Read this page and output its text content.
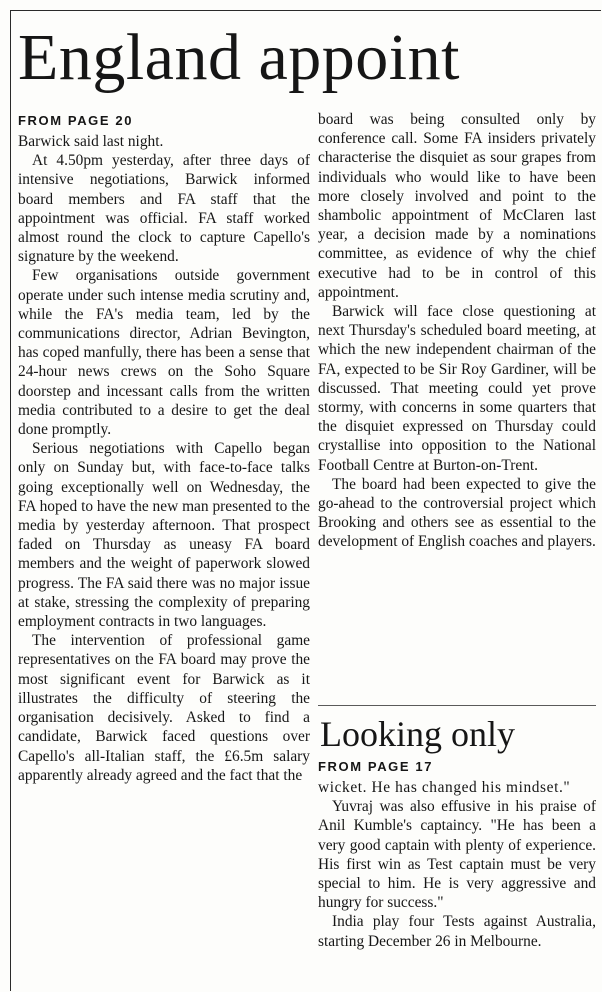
England appoint
FROM PAGE 20

Barwick said last night.

At 4.50pm yesterday, after three days of intensive negotiations, Barwick informed board members and FA staff that the appointment was official. FA staff worked almost round the clock to capture Capello's signature by the weekend.

Few organisations outside government operate under such intense media scrutiny and, while the FA's media team, led by the communications director, Adrian Bevington, has coped manfully, there has been a sense that 24-hour news crews on the Soho Square doorstep and incessant calls from the written media contributed to a desire to get the deal done promptly.

Serious negotiations with Capello began only on Sunday but, with face-to-face talks going exceptionally well on Wednesday, the FA hoped to have the new man presented to the media by yesterday afternoon. That prospect faded on Thursday as uneasy FA board members and the weight of paperwork slowed progress. The FA said there was no major issue at stake, stressing the complexity of preparing employment contracts in two languages.

The intervention of professional game representatives on the FA board may prove the most significant event for Barwick as it illustrates the difficulty of steering the organisation decisively. Asked to find a candidate, Barwick faced questions over Capello's all-Italian staff, the £6.5m salary apparently already agreed and the fact that the

board was being consulted only by conference call. Some FA insiders privately characterise the disquiet as sour grapes from individuals who would like to have been more closely involved and point to the shambolic appointment of McClaren last year, a decision made by a nominations committee, as evidence of why the chief executive had to be in control of this appointment.

Barwick will face close questioning at next Thursday's scheduled board meeting, at which the new independent chairman of the FA, expected to be Sir Roy Gardiner, will be discussed. That meeting could yet prove stormy, with concerns in some quarters that the disquiet expressed on Thursday could crystallise into opposition to the National Football Centre at Burton-on-Trent.

The board had been expected to give the go-ahead to the controversial project which Brooking and others see as essential to the development of English coaches and players.

Looking only
FROM PAGE 17

wicket. He has changed his mindset."

Yuvraj was also effusive in his praise of Anil Kumble's captaincy. "He has been a very good captain with plenty of experience. His first win as Test captain must be very special to him. He is very aggressive and hungry for success."

India play four Tests against Australia, starting December 26 in Melbourne.
